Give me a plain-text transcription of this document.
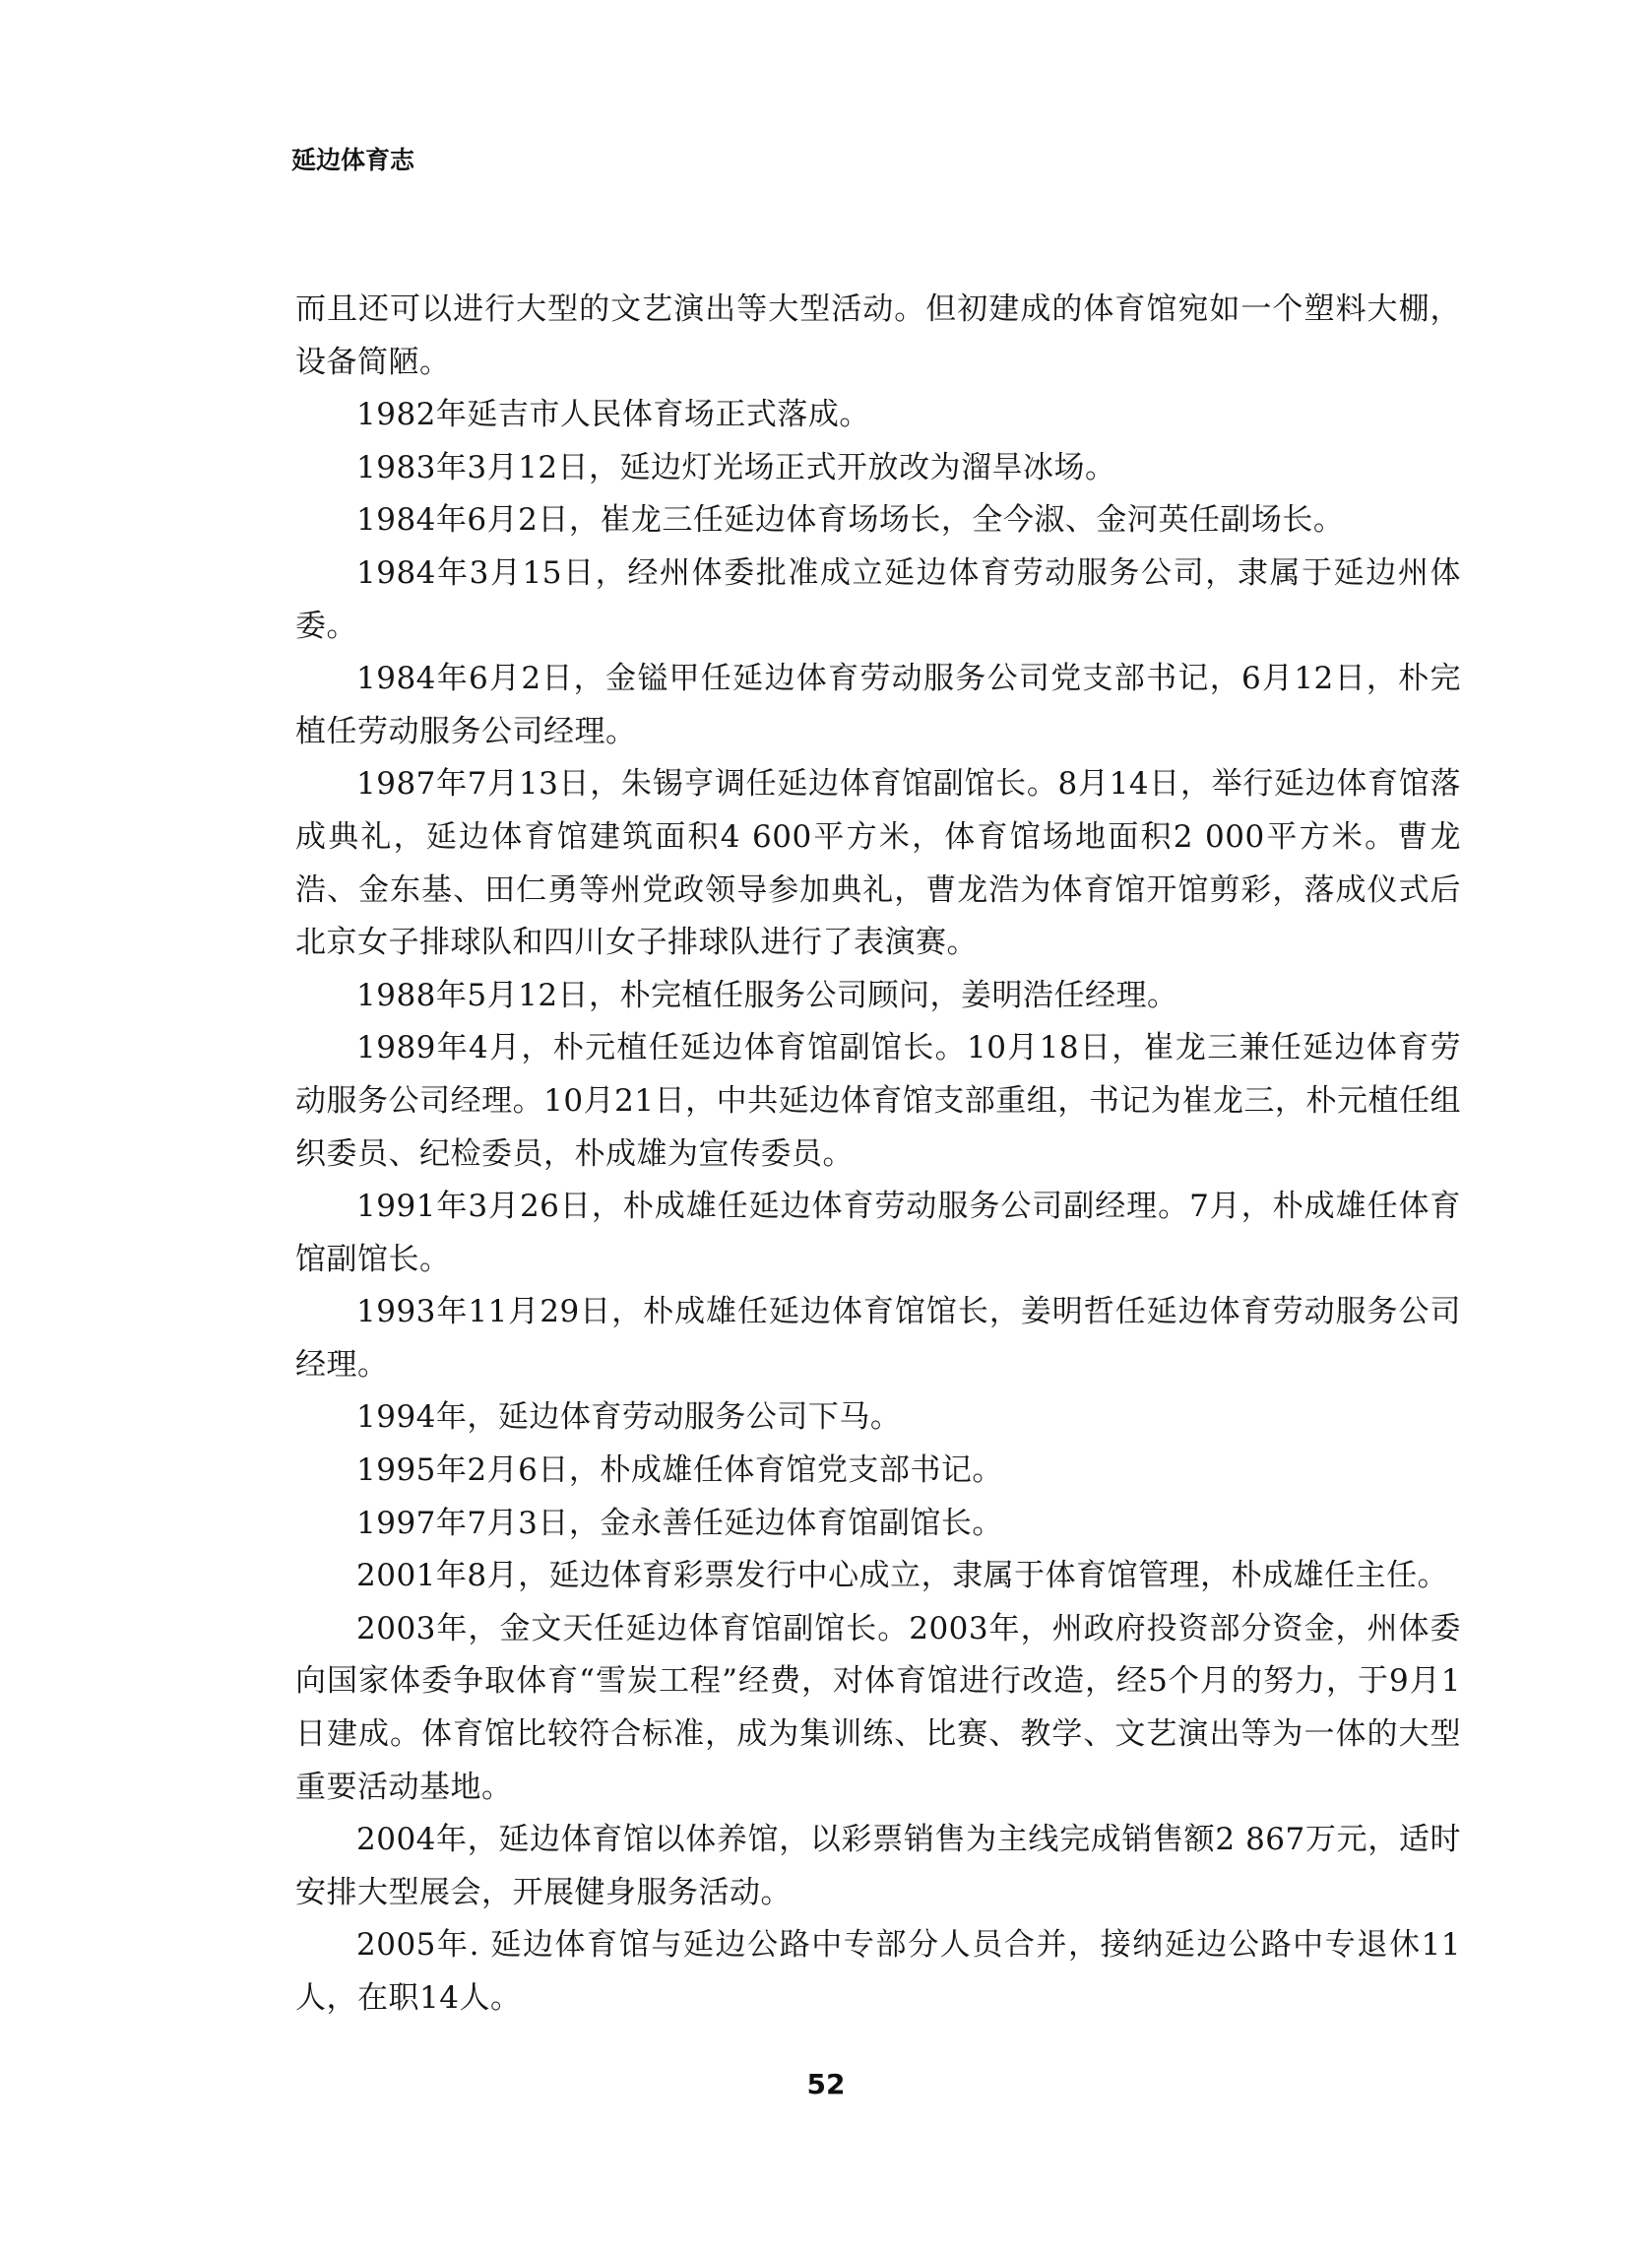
延边体育志

而且还可以进行大型的文艺演出等大型活动。但初建成的体育馆宛如一个塑料大棚，设备简陋。

1982年延吉市人民体育场正式落成。

1983年3月12日，延边灯光场正式开放改为溜旱冰场。

1984年6月2日，崔龙三任延边体育场场长，全今淑、金河英任副场长。

1984年3月15日，经州体委批准成立延边体育劳动服务公司，隶属于延边州体委。

1984年6月2日，金镒甲任延边体育劳动服务公司党支部书记，6月12日，朴完植任劳动服务公司经理。

1987年7月13日，朱锡亨调任延边体育馆副馆长。8月14日，举行延边体育馆落成典礼，延边体育馆建筑面积4 600平方米，体育馆场地面积2 000平方米。曹龙浩、金东基、田仁勇等州党政领导参加典礼，曹龙浩为体育馆开馆剪彩，落成仪式后北京女子排球队和四川女子排球队进行了表演赛。

1988年5月12日，朴完植任服务公司顾问，姜明浩任经理。

1989年4月，朴元植任延边体育馆副馆长。10月18日，崔龙三兼任延边体育劳动服务公司经理。10月21日，中共延边体育馆支部重组，书记为崔龙三，朴元植任组织委员、纪检委员，朴成雄为宣传委员。

1991年3月26日，朴成雄任延边体育劳动服务公司副经理。7月，朴成雄任体育馆副馆长。

1993年11月29日，朴成雄任延边体育馆馆长，姜明哲任延边体育劳动服务公司经理。

1994年，延边体育劳动服务公司下马。

1995年2月6日，朴成雄任体育馆党支部书记。

1997年7月3日，金永善任延边体育馆副馆长。

2001年8月，延边体育彩票发行中心成立，隶属于体育馆管理，朴成雄任主任。

2003年，金文天任延边体育馆副馆长。2003年，州政府投资部分资金，州体委向国家体委争取体育“雪炭工程”经费，对体育馆进行改造，经5个月的努力，于9月1日建成。体育馆比较符合标准，成为集训练、比赛、教学、文艺演出等为一体的大型重要活动基地。

2004年，延边体育馆以体养馆，以彩票销售为主线完成销售额2 867万元，适时安排大型展会，开展健身服务活动。

2005年. 延边体育馆与延边公路中专部分人员合并，接纳延边公路中专退休11人，在职14人。

52
